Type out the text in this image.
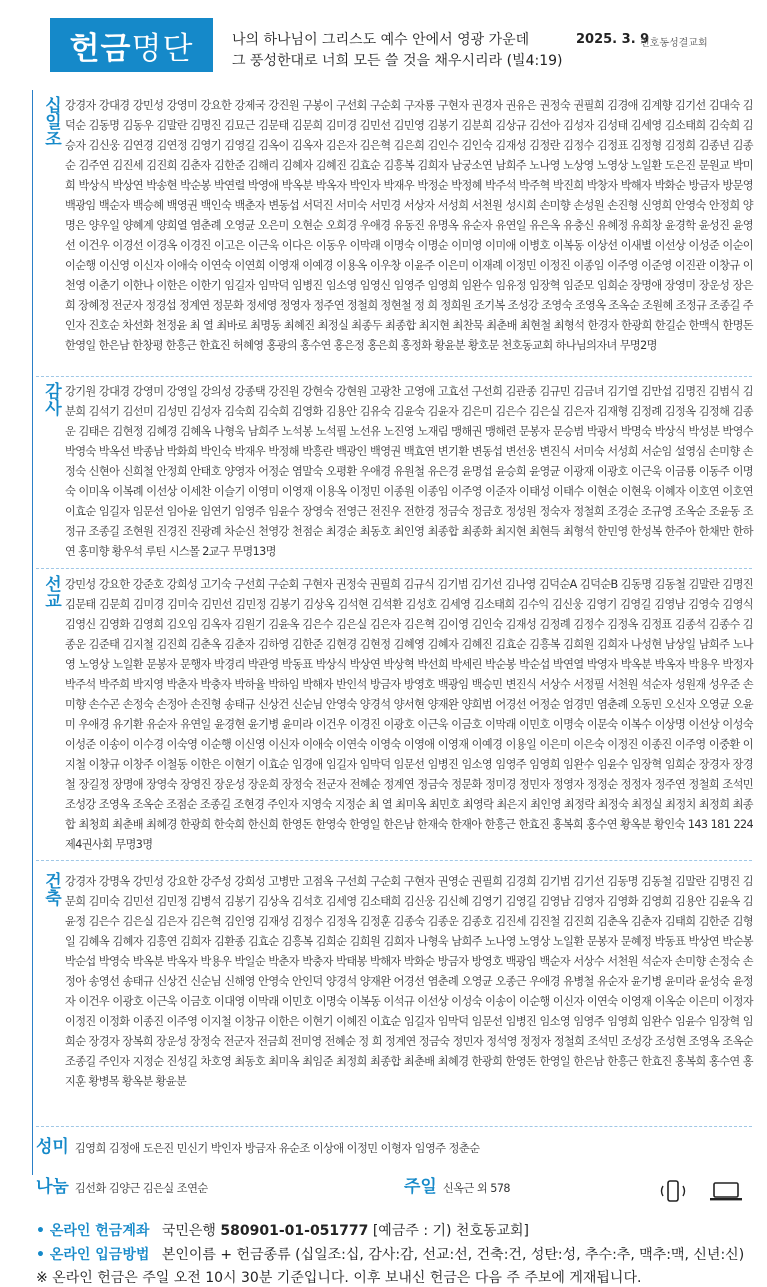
헌금 명단	나의 하나님이 그리스도 예수 안에서 영광 가운데
그 풍성한대로 너희 모든 쓸 것을 채우시리라 (빌4:19)
2025. 3. 9
천호동성결교회
십일조 강경자 강대경 강민성 강영미 강요한 강제국 강진원 구봉이 구선회 구순회 구자룡 구현자 권경자 권유은 권정숙 권필희 김경애 김계향 김기선 김대숙 김덕순 김동명 김동우 김말란 김명진 김묘근 김문태 김문희 김미경 김민선 김민영 김봉기 김분희 김상규 김선아 김성자 김성태 김세영 김소태희 김숙희 김승자 김신웅 김연경 김연정 김영기 김영길 김옥이 김옥자 김은자 김은혁 김은희 김인수 김인숙 김재성 김정란 김정수 김정표 김정형 김정희 김종년 김종순 김주연 김진세 김진희 김춘자 김한준 김해리 김혜자 김혜진 김효순 김흥복 김희자 남궁소연 남희주 노나영 노상영 노영상 노일환 도은진 문원교 박미희 박상식 박상연 박송현 박순봉 박연렬 박영애 박옥분 박옥자 박인자 박재우 박정순 박정혜 박주석 박주혁 박진희 박창자 박해자 박화순 방금자 방문영 백광임 백순자 백승혜 백영권 백인숙 백춘자 변동섭 서덕진 서미숙 서민경 서상자 서성희 서천원 성시희 손미향 손성원 손진형 신영희 안영숙 안정희 양명은 양우일 양혜계 양희열 염춘례 오영균 오은미 오현순 오희경 우애경 유동진 유명옥 유순자 유연일 유은옥 유충신 유혜정 유희창 윤경학 윤성진 윤영선 이건우 이경선 이경옥 이경진 이고은 이근욱 이다은 이동우 이막래 이명숙 이명순 이미영 이미애 이병호 이복동 이상선 이새별 이선상 이성준 이순이 이순행 이신영 이신자 이애숙 이연숙 이연희 이영재 이예경 이용옥 이우창 이윤주 이은미 이재례 이정민 이정진 이종임 이주영 이준영 이진관 이창규 이천영 이춘기 이한나 이한은 이한기 임길자 임막덕 임병진 임소영 임영신 임영주 임영희 임완수 임유정 임장혁 임준모 임희순 장명애 장영미 장운성 장은희 장혜정 전군자 정경섭 정계연 정문화 정세영 정영자 정주연 정철희 정현철 정 희 정희원 조기복 조성강 조영숙 조영옥 조옥순 조원혜 조정규 조종길 주인자 진호순 차선화 천정윤 최 열 최바로 최명동 최혜진 최정실 최종두 최종합 최지현 최찬묵 최춘배 최현철 최형석 한경자 한광희 한길순 한맥식 한명돈 한영일 한은남 한창평 한흥근 한효진 허혜영 홍광의 홍수연 홍은정 홍은희 홍정화 황윤분 황호문 천호동교회 하나님의자녀 무명2명
감사 강기원 강대경 강영미 강영일 강의성 강종택 강진원 강현숙 강현원 고광찬 고영애 고효선 구선희 김관종 김규민 김금녀 김기열 김만섭 김명진 김범식 김분희 김석기 김선미 김성민 김성자 김숙희 김숙희 김영화 김용안 김유숙 김윤숙 김윤자 김은미 김은수 김은실 김은자 김재형 김정례 김정옥 김정해 김종운 김태은 김현정 김혜경 김혜옥 나형욱 남희주 노석봉 노석필 노선유 노진영 노재림 맹해권 맹해련 문봉자 문승범 박광서 박명숙 박상식 박성분 박영수 박영숙 박옥선 박종남 박화희 박인숙 박재우 박정해 박흥란 백광인 백영권 백효연 변기환 변동섭 변선웅 변진식 서미숙 서성희 서순임 설영심 손미향 손정숙 신현아 신희철 안정희 안태호 양영자 어정순 염말숙 오평환 우애경 유원철 유은경 윤명섭 윤승희 윤영균 이광재 이광호 이근욱 이금룡 이동주 이명숙 이미옥 이복례 이선상 이세찬 이슬기 이영미 이영재 이용옥 이정민 이종원 이종임 이주영 이준자 이태성 이태수 이현순 이현욱 이혜자 이호연 이호연 이효순 임길자 임문선 임아윤 임연기 임영주 임윤수 장영숙 전영근 전진우 전한경 정금숙 정금호 정성원 정숙자 정철희 조경순 조규영 조옥순 조윤동 조정규 조종길 조현원 진경진 진광례 차순신 천영강 천점순 최경순 최동호 최인영 최종합 최종화 최지현 최현득 최형석 한민영 한성복 한주아 한채만 한하연 홍미향 황우석 루틴 시스몰 2교구 무명13명
선교 강민성 강요한 강준호 강희성 고기숙 구선희 구순회 구현자 권정숙 권필희 김규식 김기범 김기선 김나영 김덕순A 김덕순B 김동명 김동철 김말란 김명진 김문태 김문희 김미경 김미숙 김민선 김민정 김봉기 김상옥 김석현 김석환 김성호 김세영 김소태희 김수익 김신웅 김영기 김영길 김영남 김영숙 김영식 김영신 김영화 김영희 김오임 김옥자 김원기 김윤옥 김은수 김은실 김은자 김은혁 김이영 김인숙 김재성 김정례 김정수 김정옥 김정표 김종석 김종수 김종운 김준태 김지철 김진희 김춘옥 김춘자 김하영 김한준 김현경 김현정 김혜영 김혜자 김혜진 김효순 김흥복 김희원 김희자 나성현 남상일 남희주 노나영 노영상 노일환 문봉자 문행자 박경리 박관영 박동표 박상식 박상연 박상혁 박선희 박세린 박순봉 박순섭 박연열 박영자 박옥분 박옥자 박용우 박정자 박주석 박주희 박지영 박춘자 박충자 박하율 박하임 박해자 반인석 방금자 방영호 백광임 백승민 변진식 서상수 서정필 서천원 석순자 성원재 성우준 손미향 손수곤 손정숙 손정아 손진형 송태규 신상건 신순님 안영숙 양경석 양서현 양재완 양희범 어경선 어정순 엄경민 염춘례 오동민 오신자 오영균 오윤미 우애경 유기환 유순자 유연일 윤경현 윤기병 윤미라 이건우 이경진 이광호 이근욱 이금호 이막래 이민호 이명숙 이문숙 이복수 이상명 이선상 이성숙 이성준 이송이 이수경 이숙영 이순행 이신영 이신자 이애숙 이연숙 이영숙 이영애 이영재 이예경 이용일 이은미 이은숙 이정진 이종진 이주영 이중환 이지철 이창규 이창주 이철동 이한은 이현기 이효순 임경애 임길자 임막덕 임문선 임병진 임소영 임영주 임영희 임완수 임윤수 임장혁 임희순 장경자 장경철 장길정 장명애 장영숙 장영진 장운성 장운희 장정숙 전군자 전혜순 정계연 정금숙 정문화 정미경 정민자 정영자 정정순 정정자 정주연 정철희 조석민 조성강 조영옥 조옥순 조점순 조종길 조현경 주인자 지영숙 지정순 최 열 최미옥 최민호 최영락 최은지 최인영 최정락 최정숙 최정실 최정치 최정희 최종합 최청희 최춘배 최혜경 한광희 한숙희 한신희 한영돈 한영숙 한영일 한은남 한재숙 한재아 한흥근 한효진 홍복희 홍수연 황옥분 황인숙 143 181 224 제4권사회 무명3명
건축 강경자 강명옥 강민성 강요한 강주성 강희성 고병만 고점옥 구선희 구순회 구현자 권영순 권필희 김경희 김기범 김기선 김동명 김동철 김말란 김명진 김문희 김미숙 김민선 김민정 김병석 김봉기 김상옥 김석호 김세영 김소태희 김신웅 김신혜 김영기 김영길 김영남 김영자 김영화 김영희 김용안 김윤옥 김윤정 김은수 김은실 김은자 김은혁 김인영 김재성 김정수 김정옥 김정훈 김종숙 김종운 김종호 김진세 김진철 김진희 김춘옥 김춘자 김태희 김한준 김형일 김혜옥 김혜자 김흥연 김희자 김환종 김효순 김흥복 김희순 김희원 김희자 나형욱 남희주 노나영 노영상 노일환 문봉자 문혜정 박동표 박상연 박순봉 박순섭 박영숙 박옥분 박옥자 박용우 박일순 박춘자 박충자 박태봉 박해자 박화순 방금자 방영호 백광임 백순자 서상수 서천원 석순자 손미향 손정숙 손정아 송영선 송태규 신상건 신순님 신해영 안영숙 안인덕 양경석 양재완 어경선 염춘례 오영균 오종근 우애경 유병철 유순자 윤기병 윤미라 윤성숙 윤정자 이건우 이광호 이근욱 이금호 이대영 이막래 이민호 이명숙 이복동 이석규 이선상 이성숙 이송이 이순행 이신자 이연숙 이영재 이옥순 이은미 이정자 이정진 이정화 이종진 이주영 이지철 이창규 이한은 이현기 이혜진 이효순 임길자 임막덕 임문선 임병진 임소영 임영주 임영희 임완수 임윤수 임장혁 임희순 장경자 장복희 장운성 장정숙 전군자 전금희 전미영 전혜순 정 희 정계연 정금숙 정민자 정석영 정정자 정철희 조석민 조성강 조성현 조영옥 조옥순 조종길 주인자 지정순 진성길 차호영 최동호 최미옥 최임준 최정희 최종합 최춘배 최혜경 한광희 한영돈 한영일 한은남 한흥근 한효진 홍복희 홍수연 홍지훈 황병목 황옥분 황윤분
성미 김영희 김정애 도은진 민신기 박인자 방금자 유순조 이상애 이정민 이형자 임영주 정춘순
나눔 김선화 김양근 김은실 조연순	주일 신옥근 외 578
• 온라인 헌금계좌 국민은행 580901-01-051777 [예금주 : 기) 천호동교회]
• 온라인 입금방법 본인이름 + 헌금종류 (십일조:십, 감사:감, 선교:선, 건축:건, 성탄:성, 추수:추, 맥추:맥, 신년:신)
※ 온라인 헌금은 주일 오전 10시 30분 기준입니다. 이후 보내신 헌금은 다음 주 주보에 게재됩니다.
